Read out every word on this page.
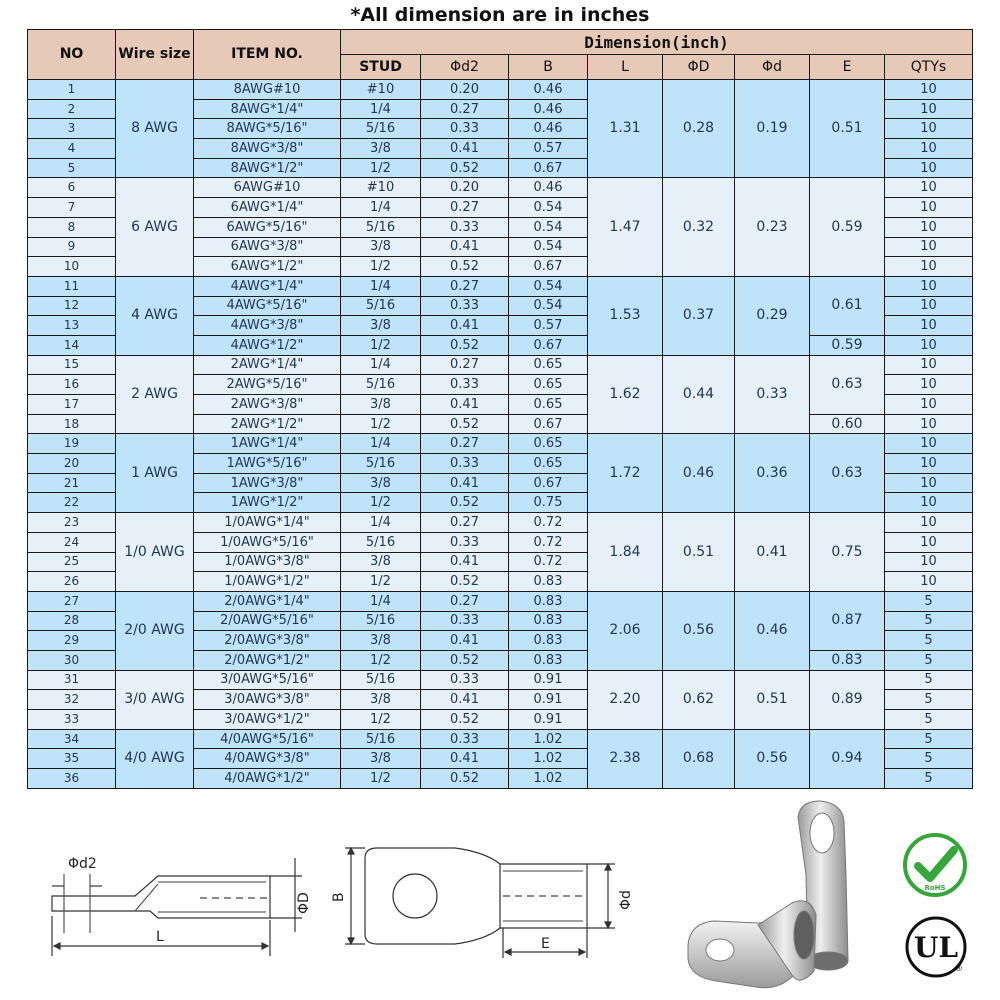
*All dimension are in inches
NO	Wire size	ITEM NO.	Dimension(inch)							
			STUD	Φd2	B	L	ΦD	Φd	E	QTYs
1	8 AWG	8AWG#10	#10	0.20	0.46	1.31	0.28	0.19	0.51	10
2		8AWG*1/4"	1/4	0.27	0.46					10
3		8AWG*5/16"	5/16	0.33	0.46					10
4		8AWG*3/8"	3/8	0.41	0.57					10
5		8AWG*1/2"	1/2	0.52	0.67					10
6	6 AWG	6AWG#10	#10	0.20	0.46	1.47	0.32	0.23	0.59	10
7		6AWG*1/4"	1/4	0.27	0.54					10
8		6AWG*5/16"	5/16	0.33	0.54					10
9		6AWG*3/8"	3/8	0.41	0.54					10
10		6AWG*1/2"	1/2	0.52	0.67					10
11	4 AWG	4AWG*1/4"	1/4	0.27	0.54	1.53	0.37	0.29	0.61	10
12		4AWG*5/16"	5/16	0.33	0.54					10
13		4AWG*3/8"	3/8	0.41	0.57					10
14		4AWG*1/2"	1/2	0.52	0.67				0.59	10
15	2 AWG	2AWG*1/4"	1/4	0.27	0.65	1.62	0.44	0.33	0.63	10
16		2AWG*5/16"	5/16	0.33	0.65					10
17		2AWG*3/8"	3/8	0.41	0.65					10
18		2AWG*1/2"	1/2	0.52	0.67				0.60	10
19	1 AWG	1AWG*1/4"	1/4	0.27	0.65	1.72	0.46	0.36	0.63	10
20		1AWG*5/16"	5/16	0.33	0.65					10
21		1AWG*3/8"	3/8	0.41	0.67					10
22		1AWG*1/2"	1/2	0.52	0.75					10
23	1/0 AWG	1/0AWG*1/4"	1/4	0.27	0.72	1.84	0.51	0.41	0.75	10
24		1/0AWG*5/16"	5/16	0.33	0.72					10
25		1/0AWG*3/8"	3/8	0.41	0.72					10
26		1/0AWG*1/2"	1/2	0.52	0.83					10
27	2/0 AWG	2/0AWG*1/4"	1/4	0.27	0.83	2.06	0.56	0.46	0.87	5
28		2/0AWG*5/16"	5/16	0.33	0.83					5
29		2/0AWG*3/8"	3/8	0.41	0.83					5
30		2/0AWG*1/2"	1/2	0.52	0.83				0.83	5
31	3/0 AWG	3/0AWG*5/16"	5/16	0.33	0.91	2.20	0.62	0.51	0.89	5
32		3/0AWG*3/8"	3/8	0.41	0.91					5
33		3/0AWG*1/2"	1/2	0.52	0.91					5
34	4/0 AWG	4/0AWG*5/16"	5/16	0.33	1.02	2.38	0.68	0.56	0.94	5
35		4/0AWG*3/8"	3/8	0.41	1.02					5
36		4/0AWG*1/2"	1/2	0.52	1.02					5
Φd2
L
ΦD B	Φd
E
RoHS
UL
®
